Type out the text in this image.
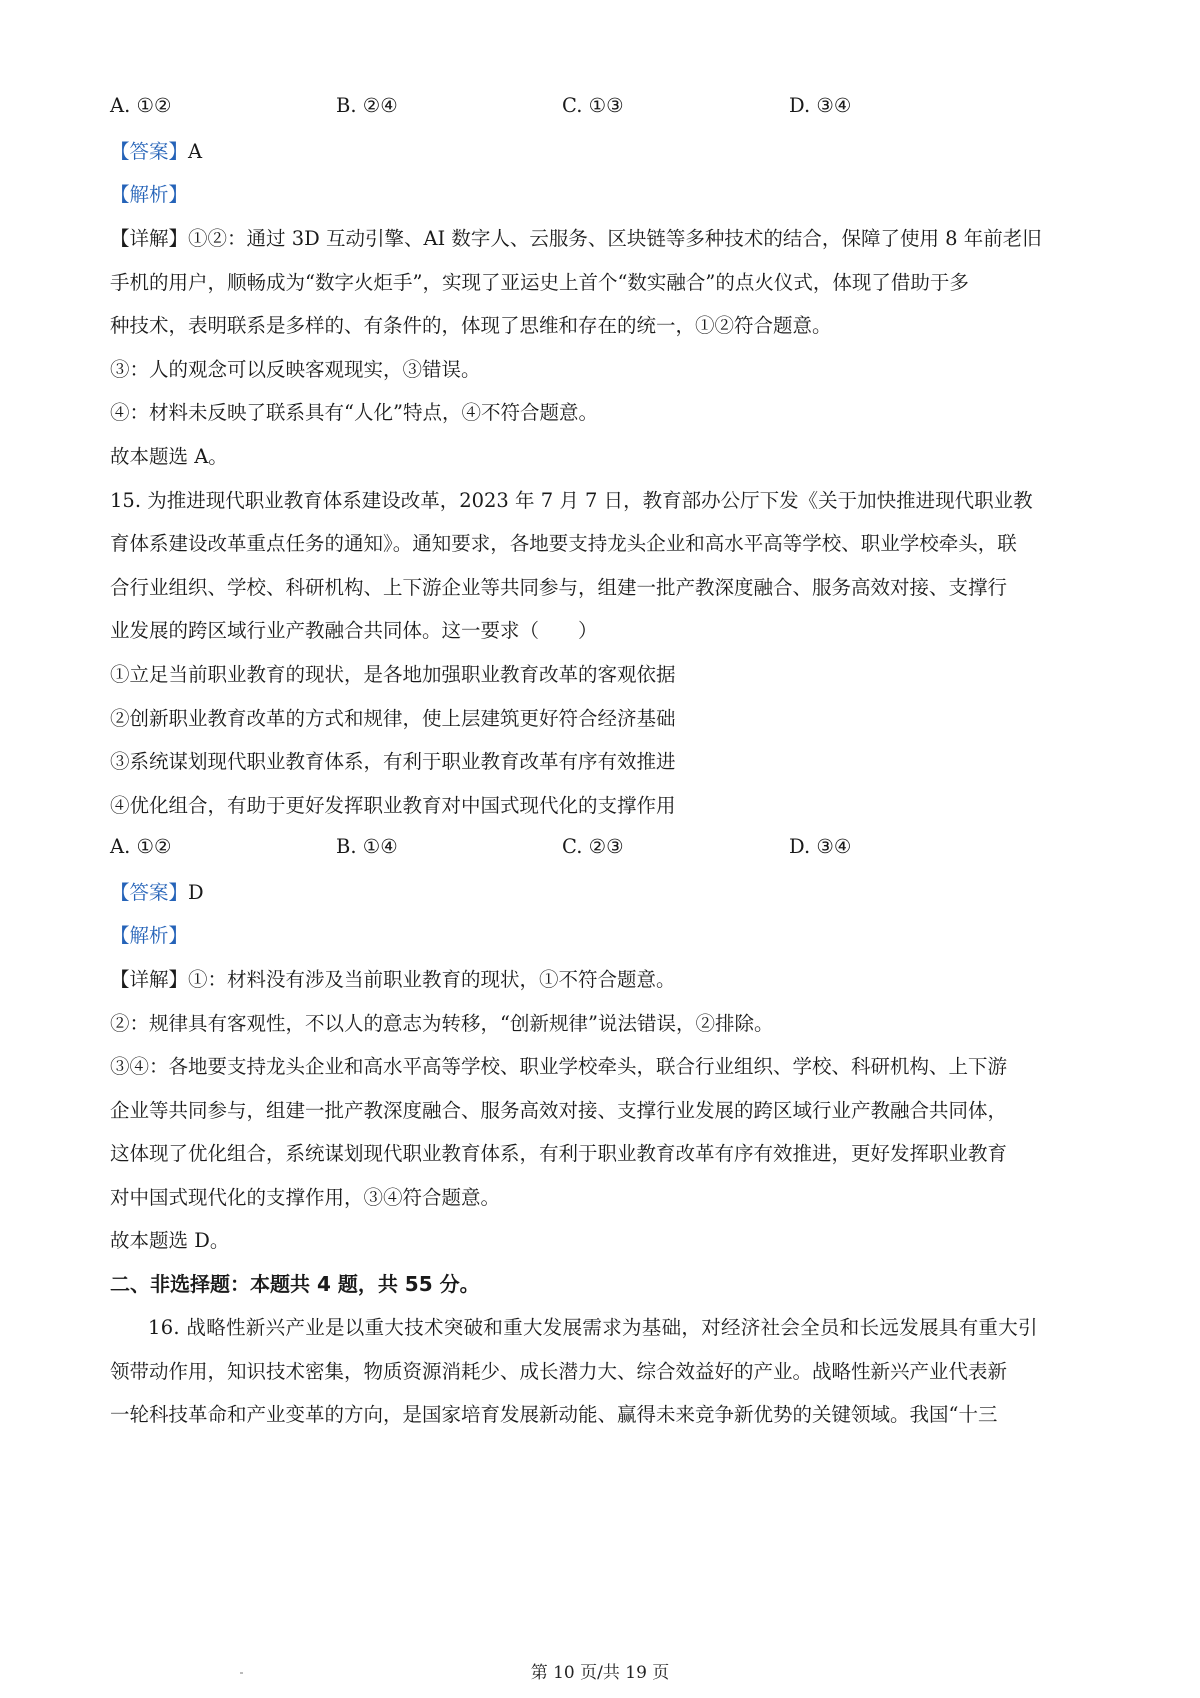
A. ①②	B. ②④	C. ①③	D. ③④
【答案】A
【解析】
【详解】①②：通过 3D 互动引擎、AI 数字人、云服务、区块链等多种技术的结合，保障了使用 8 年前老旧
手机的用户，顺畅成为“数字火炬手”，实现了亚运史上首个“数实融合”的点火仪式，体现了借助于多
种技术，表明联系是多样的、有条件的，体现了思维和存在的统一，①②符合题意。
③：人的观念可以反映客观现实，③错误。
④：材料未反映了联系具有“人化”特点，④不符合题意。
故本题选 A。
15. 为推进现代职业教育体系建设改革，2023 年 7 月 7 日，教育部办公厅下发《关于加快推进现代职业教
育体系建设改革重点任务的通知》。通知要求，各地要支持龙头企业和高水平高等学校、职业学校牵头，联
合行业组织、学校、科研机构、上下游企业等共同参与，组建一批产教深度融合、服务高效对接、支撑行
业发展的跨区域行业产教融合共同体。这一要求（　　）
①立足当前职业教育的现状，是各地加强职业教育改革的客观依据
②创新职业教育改革的方式和规律，使上层建筑更好符合经济基础
③系统谋划现代职业教育体系，有利于职业教育改革有序有效推进
④优化组合，有助于更好发挥职业教育对中国式现代化的支撑作用
A. ①②	B. ①④	C. ②③	D. ③④
【答案】D
【解析】
【详解】①：材料没有涉及当前职业教育的现状，①不符合题意。
②：规律具有客观性，不以人的意志为转移，“创新规律”说法错误，②排除。
③④：各地要支持龙头企业和高水平高等学校、职业学校牵头，联合行业组织、学校、科研机构、上下游
企业等共同参与，组建一批产教深度融合、服务高效对接、支撑行业发展的跨区域行业产教融合共同体，
这体现了优化组合，系统谋划现代职业教育体系，有利于职业教育改革有序有效推进，更好发挥职业教育
对中国式现代化的支撑作用，③④符合题意。
故本题选 D。
二、非选择题：本题共 4 题，共 55 分。
16. 战略性新兴产业是以重大技术突破和重大发展需求为基础，对经济社会全员和长远发展具有重大引
领带动作用，知识技术密集，物质资源消耗少、成长潜力大、综合效益好的产业。战略性新兴产业代表新
一轮科技革命和产业变革的方向，是国家培育发展新动能、赢得未来竞争新优势的关键领域。我国“十三
第 10 页/共 19 页
